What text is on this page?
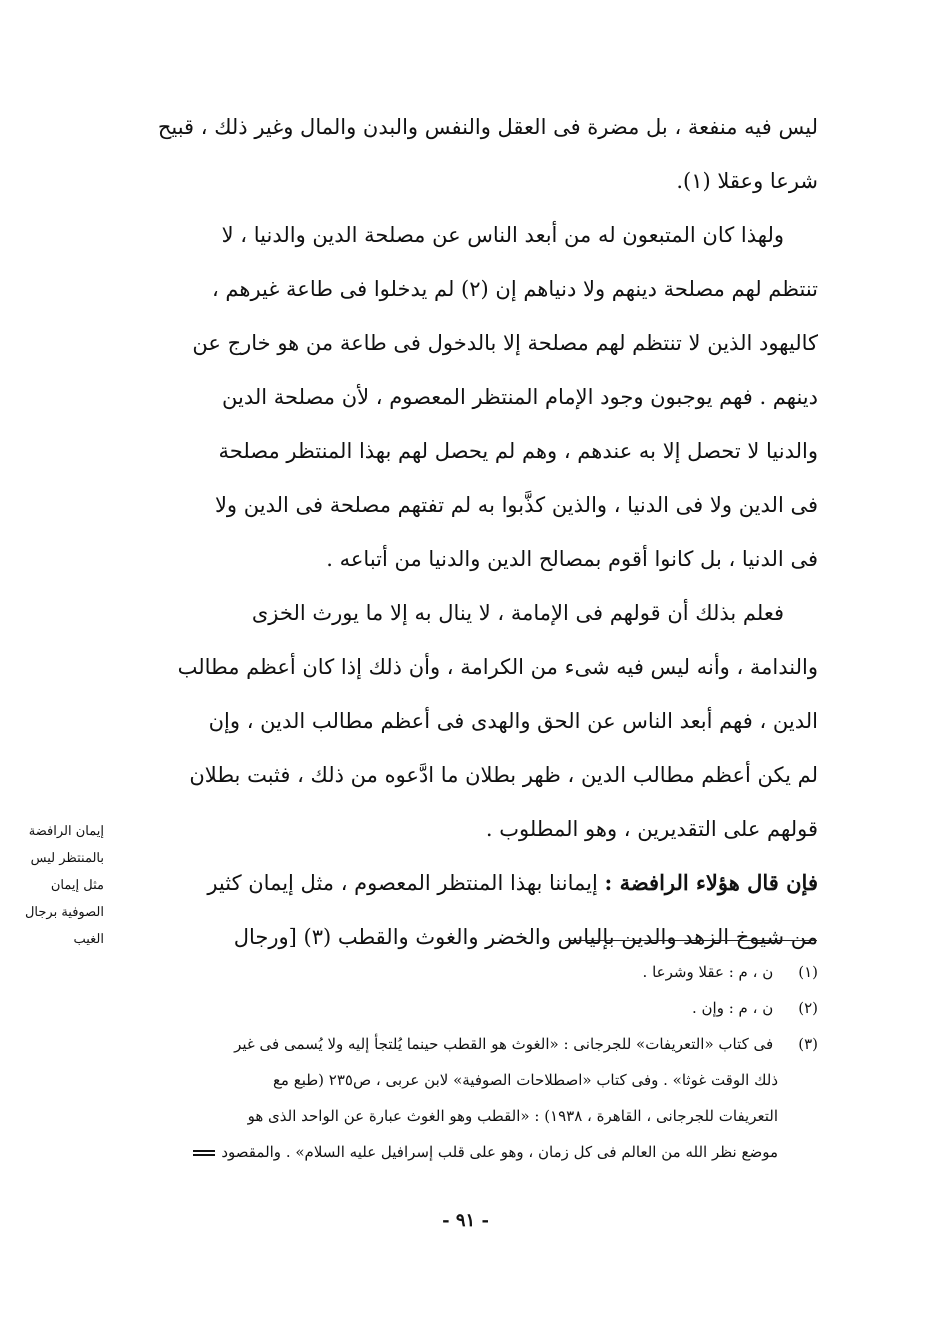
ليس فيه منفعة ، بل مضرة فى العقل والنفس والبدن والمال وغير ذلك ، قبيح
شرعا وعقلا (١).
ولهذا كان المتبعون له من أبعد الناس عن مصلحة الدين والدنيا ، لا
تنتظم لهم مصلحة دينهم ولا دنياهم إن (٢) لم يدخلوا فى طاعة غيرهم ،
كاليهود الذين لا تنتظم لهم مصلحة إلا بالدخول فى طاعة من هو خارج عن
دينهم . فهم يوجبون وجود الإمام المنتظر المعصوم ، لأن مصلحة الدين
والدنيا لا تحصل إلا به عندهم ، وهم لم يحصل لهم بهذا المنتظر مصلحة
فى الدين ولا فى الدنيا ، والذين كذَّبوا به لم تفتهم مصلحة فى الدين ولا
فى الدنيا ، بل كانوا أقوم بمصالح الدين والدنيا من أتباعه .
فعلم بذلك أن قولهم فى الإمامة ، لا ينال به إلا ما يورث الخزى
والندامة ، وأنه ليس فيه شىء من الكرامة ، وأن ذلك إذا كان أعظم مطالب
الدين ، فهم أبعد الناس عن الحق والهدى فى أعظم مطالب الدين ، وإن
لم يكن أعظم مطالب الدين ، ظهر بطلان ما ادَّعوه من ذلك ، فثبت بطلان
قولهم على التقديرين ، وهو المطلوب .
فإن قال هؤلاء الرافضة : إيماننا بهذا المنتظر المعصوم ، مثل إيمان كثير
من شيوخ الزهد والدين بإلياس والخضر والغوث والقطب (٣) [ورجال
إيمان الرافضة
بالمنتظر ليس
مثل إيمان
الصوفية برجال
الغيب
(١) ن ، م : عقلا وشرعا .
(٢) ن ، م : وإن .
(٣) فى كتاب «التعريفات» للجرجانى : «الغوث هو القطب حينما يُلتجأ إليه ولا يُسمى فى غير
ذلك الوقت غوثا» . وفى كتاب «اصطلاحات الصوفية» لابن عربى ، ص٢٣٥ (طبع مع
التعريفات للجرجانى ، القاهرة ، ١٩٣٨) : «القطب وهو الغوث عبارة عن الواحد الذى هو
موضع نظر الله من العالم فى كل زمان ، وهو على قلب إسرافيل عليه السلام» . والمقصود
- ٩١ -
